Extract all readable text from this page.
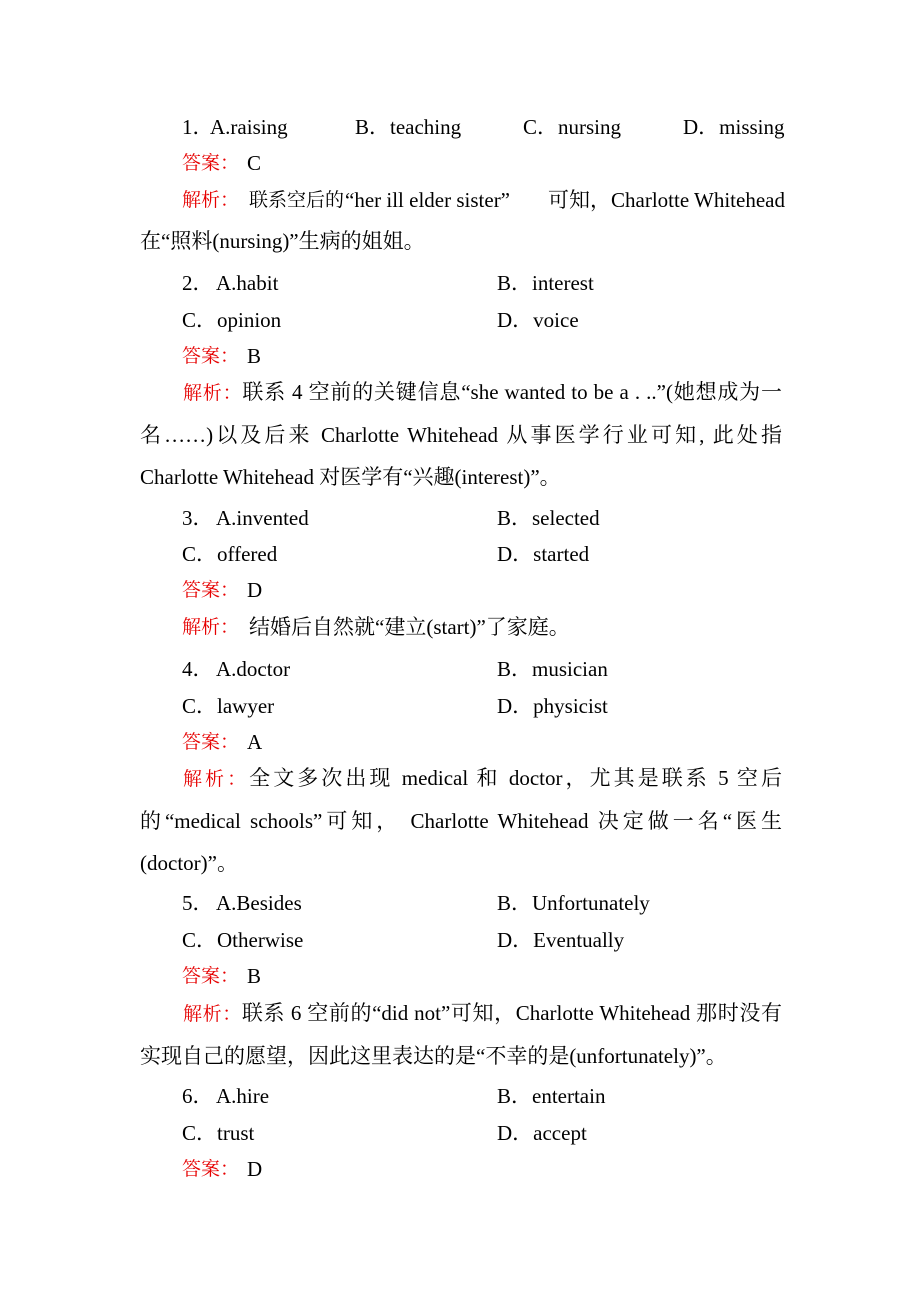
1．
A.raising	B．teaching	C．nursing	D．missing
答案： C
解析： 联系空后的 “her ill elder sister” 可知，Charlotte Whitehead
在“照料(nursing)”生病的姐姐。
2． A.habit	B．interest
C．opinion	D．voice
答案： B
解析：联系 4 空前的关键信息“she wanted to be a . ..”(她想成为一名……)以及后来 Charlotte Whitehead 从事医学行业可知, 此处指 Charlotte Whitehead 对医学有“兴趣(interest)”。
3． A.invented	B．selected
C．offered	D．started
答案： D
解析： 结婚后自然就“建立(start)”了家庭。
4． A.doctor	B．musician
C．lawyer	D．physicist
答案： A
解析：全文多次出现 medical 和 doctor，尤其是联系 5 空后的“medical schools”可知， Charlotte Whitehead 决定做一名“医生(doctor)”。
5． A.Besides	B．Unfortunately
C．Otherwise	D．Eventually
答案： B
解析：联系 6 空前的“did not”可知，Charlotte Whitehead 那时没有实现自己的愿望，因此这里表达的是“不幸的是(unfortunately)”。
6． A.hire	B．entertain
C．trust	D．accept
答案： D
